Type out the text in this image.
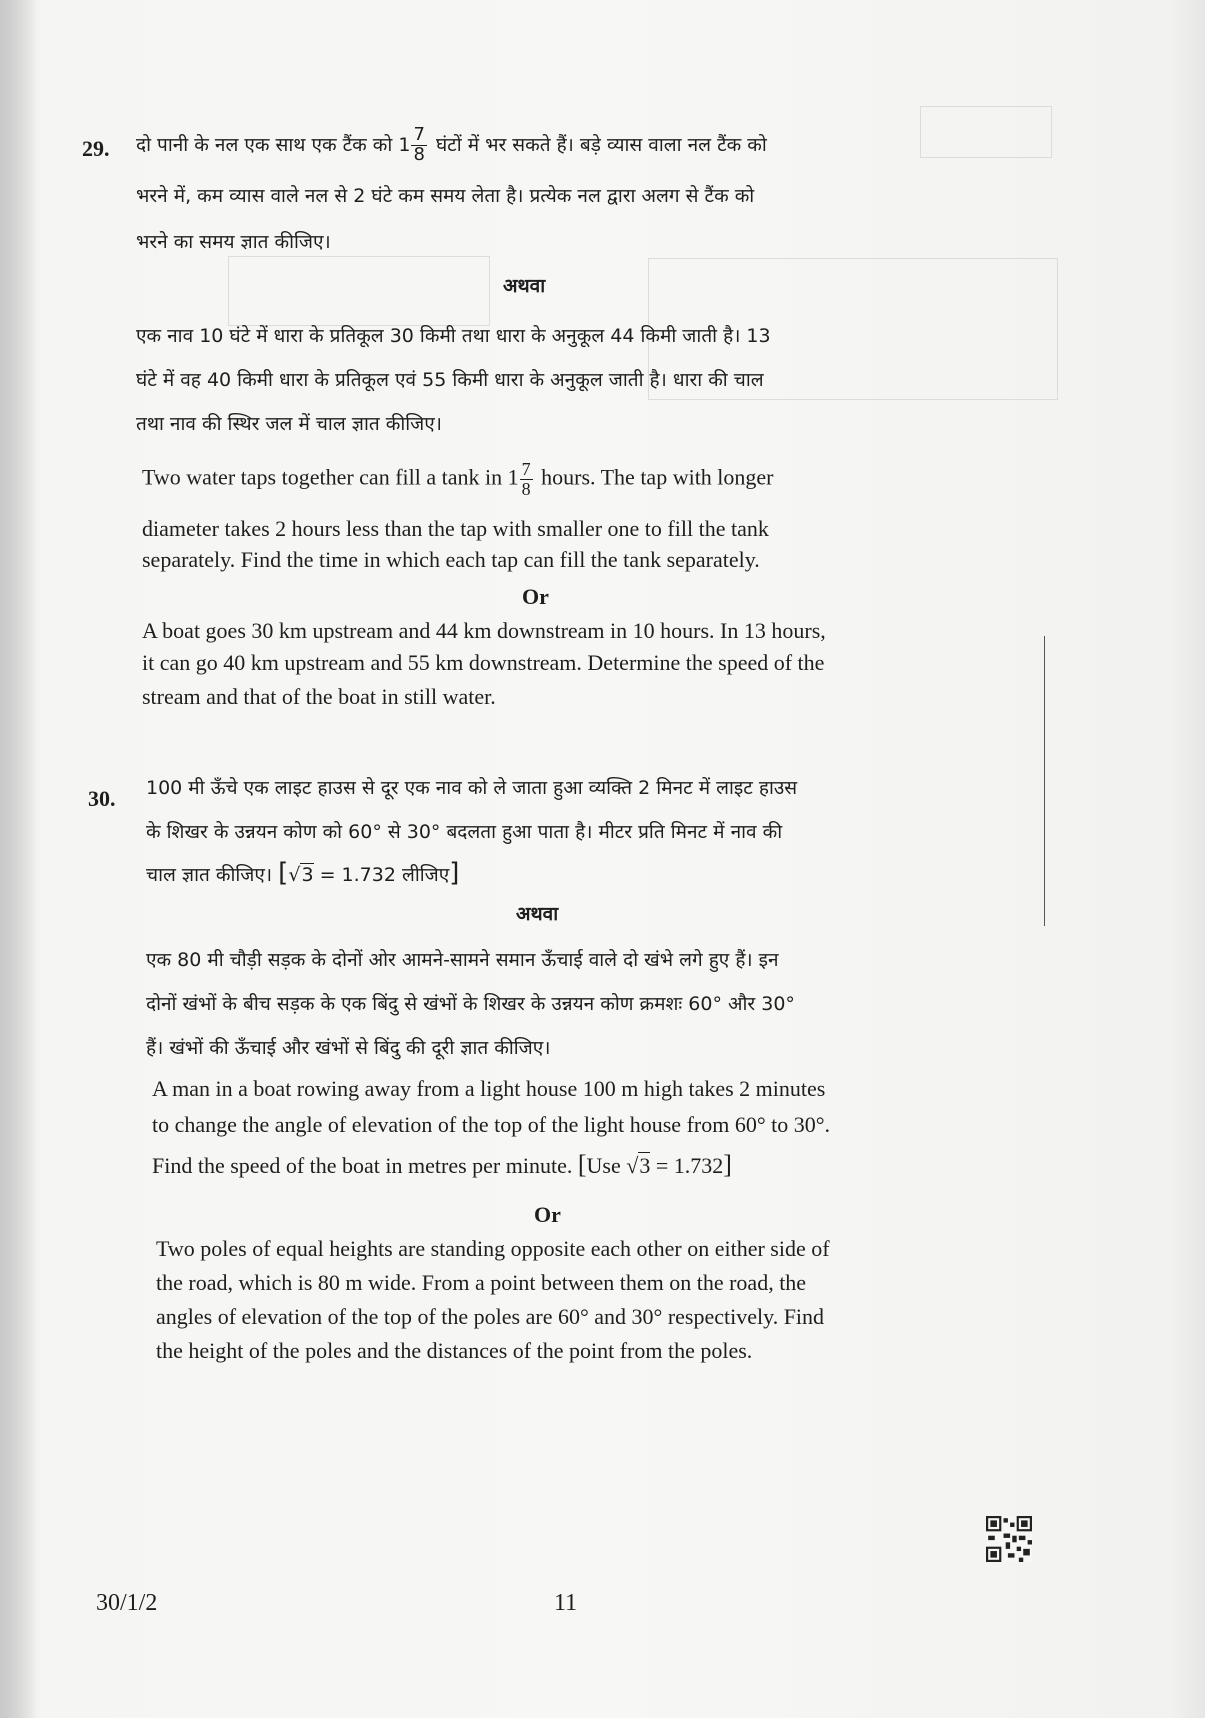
29. दो पानी के नल एक साथ एक टैंक को $1 \frac{7}{8}$ घंटों में भर सकते हैं। बड़े व्यास वाला नल टैंक को
भरने में, कम व्यास वाले नल से 2 घंटे कम समय लेता है। प्रत्येक नल द्वारा अलग से टैंक को
भरने का समय ज्ञात कीजिए।
अथवा
एक नाव 10 घंटे में धारा के प्रतिकूल 30 किमी तथा धारा के अनुकूल 44 किमी जाती है। 13
घंटे में वह 40 किमी धारा के प्रतिकूल एवं 55 किमी धारा के अनुकूल जाती है। धारा की चाल
तथा नाव की स्थिर जल में चाल ज्ञात कीजिए।
Two water taps together can fill a tank in $1 \frac{7}{8}$ hours. The tap with longer
diameter takes 2 hours less than the tap with smaller one to fill the tank
separately. Find the time in which each tap can fill the tank separately.
Or
A boat goes 30 km upstream and 44 km downstream in 10 hours. In 13 hours,
it can go 40 km upstream and 55 km downstream. Determine the speed of the
stream and that of the boat in still water.
30. 100 मी ऊँचे एक लाइट हाउस से दूर एक नाव को ले जाता हुआ व्यक्ति 2 मिनट में लाइट हाउस
के शिखर के उन्नयन कोण को 60° से 30° बदलता हुआ पाता है। मीटर प्रति मिनट में नाव की
चाल ज्ञात कीजिए। [√3 = 1.732 लीजिए]
अथवा
एक 80 मी चौड़ी सड़क के दोनों ओर आमने-सामने समान ऊँचाई वाले दो खंभे लगे हुए हैं। इन
दोनों खंभों के बीच सड़क के एक बिंदु से खंभों के शिखर के उन्नयन कोण क्रमशः 60° और 30°
हैं। खंभों की ऊँचाई और खंभों से बिंदु की दूरी ज्ञात कीजिए।
A man in a boat rowing away from a light house 100 m high takes 2 minutes
to change the angle of elevation of the top of the light house from 60° to 30°.
Find the speed of the boat in metres per minute. [Use √3 = 1.732]
Or
Two poles of equal heights are standing opposite each other on either side of
the road, which is 80 m wide. From a point between them on the road, the
angles of elevation of the top of the poles are 60° and 30° respectively. Find
the height of the poles and the distances of the point from the poles.
30/1/2	11
